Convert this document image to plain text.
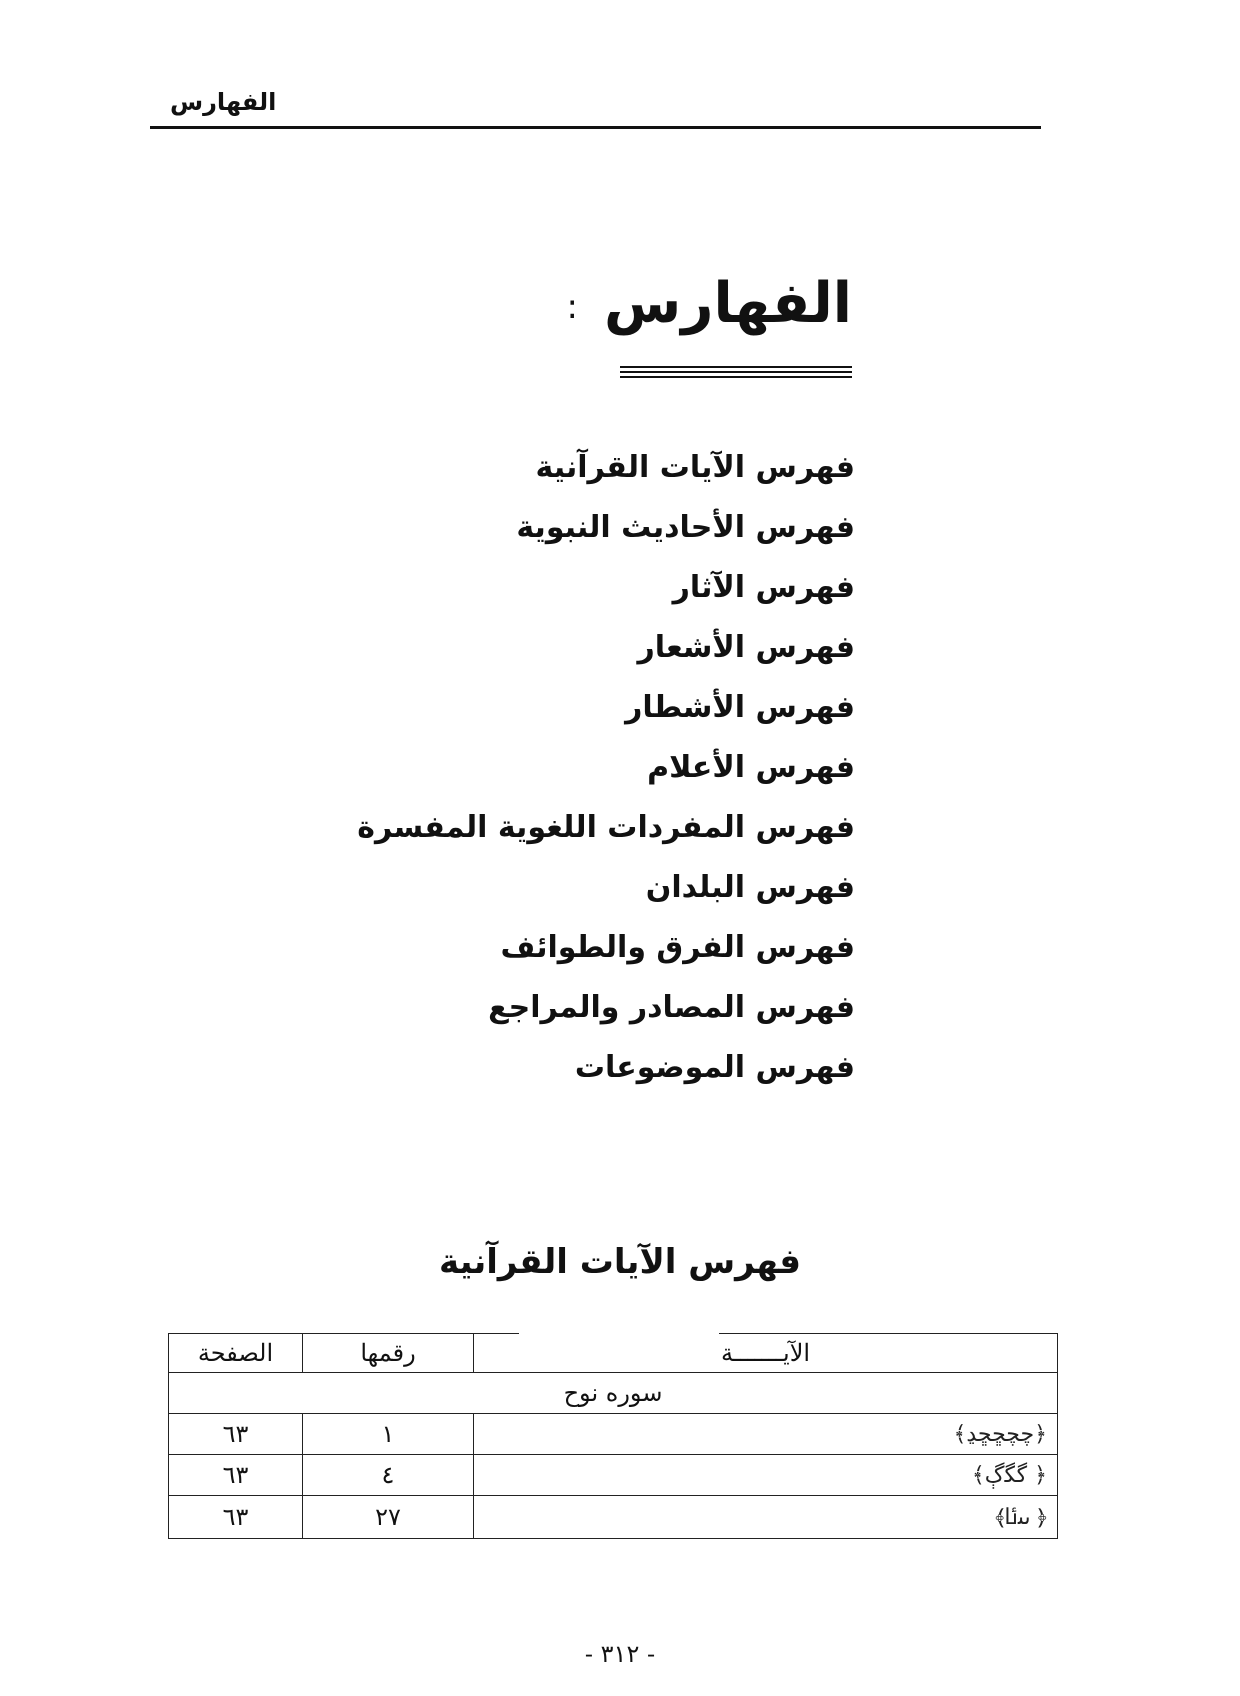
الفهارس
الفهارس:
فهرس الآيات القرآنية
فهرس الأحاديث النبوية
فهرس الآثار
فهرس الأشعار
فهرس الأشطار
فهرس الأعلام
فهرس المفردات اللغوية المفسرة
فهرس البلدان
فهرس الفرق والطوائف
فهرس المصادر والمراجع
فهرس الموضوعات
فهرس الآيات القرآنية
الصفحة	رقمها	الآيـــــــة
سوره نوح		
٦٣	١	﴿چچڇڇڍ﴾
٦٣	٤	﴿ ﮔﮕﮖ﴾
٦٣	٢٧	﴿ ﯨﯩﯪ﴾
- ٣١٢ -
